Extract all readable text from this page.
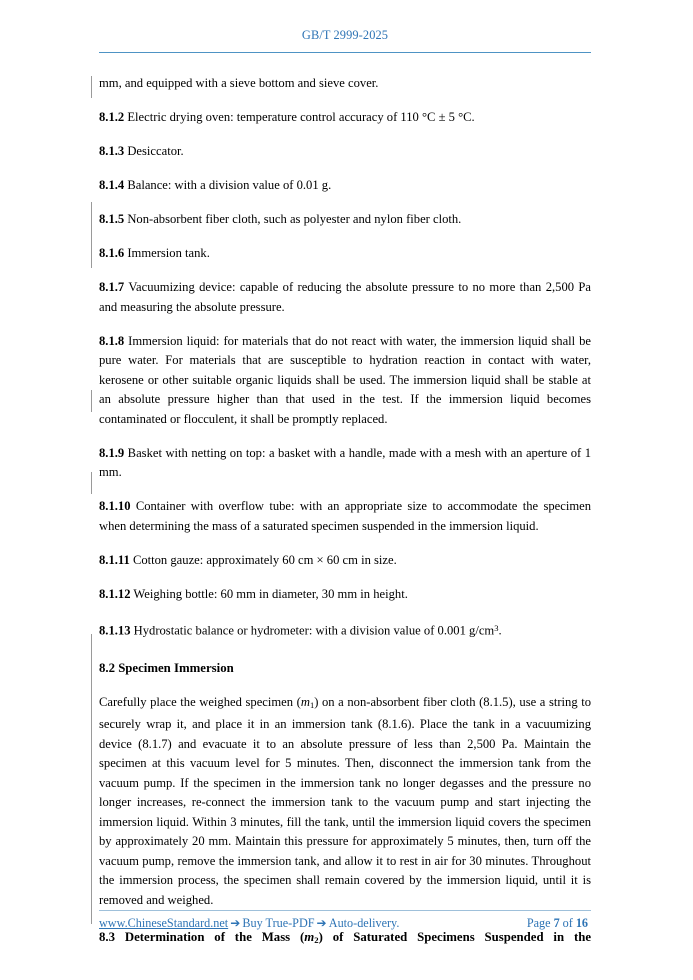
GB/T 2999-2025

mm, and equipped with a sieve bottom and sieve cover.

8.1.2 Electric drying oven: temperature control accuracy of 110 °C ± 5 °C.

8.1.3 Desiccator.

8.1.4 Balance: with a division value of 0.01 g.

8.1.5 Non-absorbent fiber cloth, such as polyester and nylon fiber cloth.

8.1.6 Immersion tank.

8.1.7 Vacuumizing device: capable of reducing the absolute pressure to no more than 2,500 Pa and measuring the absolute pressure.

8.1.8 Immersion liquid: for materials that do not react with water, the immersion liquid shall be pure water. For materials that are susceptible to hydration reaction in contact with water, kerosene or other suitable organic liquids shall be used. The immersion liquid shall be stable at an absolute pressure higher than that used in the test. If the immersion liquid becomes contaminated or flocculent, it shall be promptly replaced.

8.1.9 Basket with netting on top: a basket with a handle, made with a mesh with an aperture of 1 mm.

8.1.10 Container with overflow tube: with an appropriate size to accommodate the specimen when determining the mass of a saturated specimen suspended in the immersion liquid.

8.1.11 Cotton gauze: approximately 60 cm × 60 cm in size.

8.1.12 Weighing bottle: 60 mm in diameter, 30 mm in height.

8.1.13 Hydrostatic balance or hydrometer: with a division value of 0.001 $g/cm^3$.

8.2 Specimen Immersion

Carefully place the weighed specimen $(m_1)$ on a non-absorbent fiber cloth (8.1.5), use a string to securely wrap it, and place it in an immersion tank (8.1.6). Place the tank in a vacuumizing device (8.1.7) and evacuate it to an absolute pressure of less than 2,500 Pa. Maintain the specimen at this vacuum level for 5 minutes. Then, disconnect the immersion tank from the vacuum pump. If the specimen in the immersion tank no longer degasses and the pressure no longer increases, re-connect the immersion tank to the vacuum pump and start injecting the immersion liquid. Within 3 minutes, fill the tank, until the immersion liquid covers the specimen by approximately 20 mm. Maintain this pressure for approximately 5 minutes, then, turn off the vacuum pump, remove the immersion tank, and allow it to rest in air for 30 minutes. Throughout the immersion process, the specimen shall remain covered by the immersion liquid, until it is removed and weighed.

8.3 Determination of the Mass $(m_2)$ of Saturated Specimens Suspended in the
www.ChineseStandard.net ➔ Buy True-PDF ➔ Auto-delivery.	Page 7 of 16
